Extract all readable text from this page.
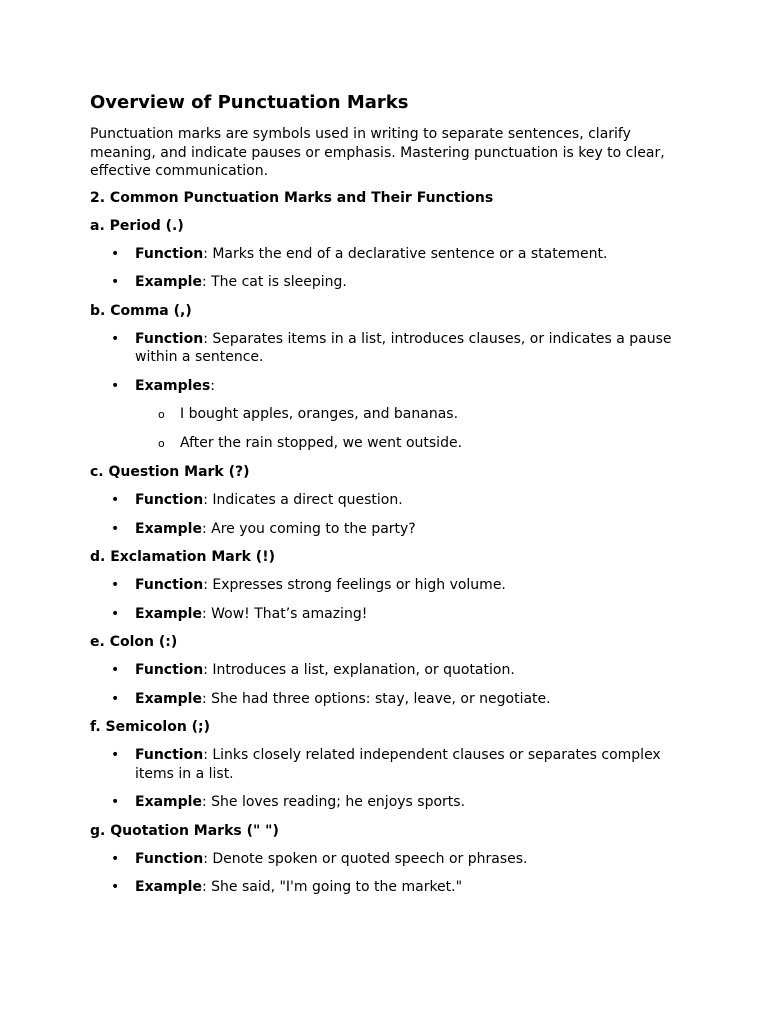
Overview of Punctuation Marks

Punctuation marks are symbols used in writing to separate sentences, clarify meaning, and indicate pauses or emphasis. Mastering punctuation is key to clear, effective communication.

2. Common Punctuation Marks and Their Functions
a. Period (.)
• Function: Marks the end of a declarative sentence or a statement.
• Example: The cat is sleeping.
b. Comma (,)
• Function: Separates items in a list, introduces clauses, or indicates a pause within a sentence.
• Examples:
o I bought apples, oranges, and bananas.
o After the rain stopped, we went outside.
c. Question Mark (?)
• Function: Indicates a direct question.
• Example: Are you coming to the party?
d. Exclamation Mark (!)
• Function: Expresses strong feelings or high volume.
• Example: Wow! That’s amazing!
e. Colon (:)
• Function: Introduces a list, explanation, or quotation.
• Example: She had three options: stay, leave, or negotiate.
f. Semicolon (;)
• Function: Links closely related independent clauses or separates complex items in a list.
• Example: She loves reading; he enjoys sports.
g. Quotation Marks (" ")
• Function: Denote spoken or quoted speech or phrases.
• Example: She said, "I'm going to the market."
